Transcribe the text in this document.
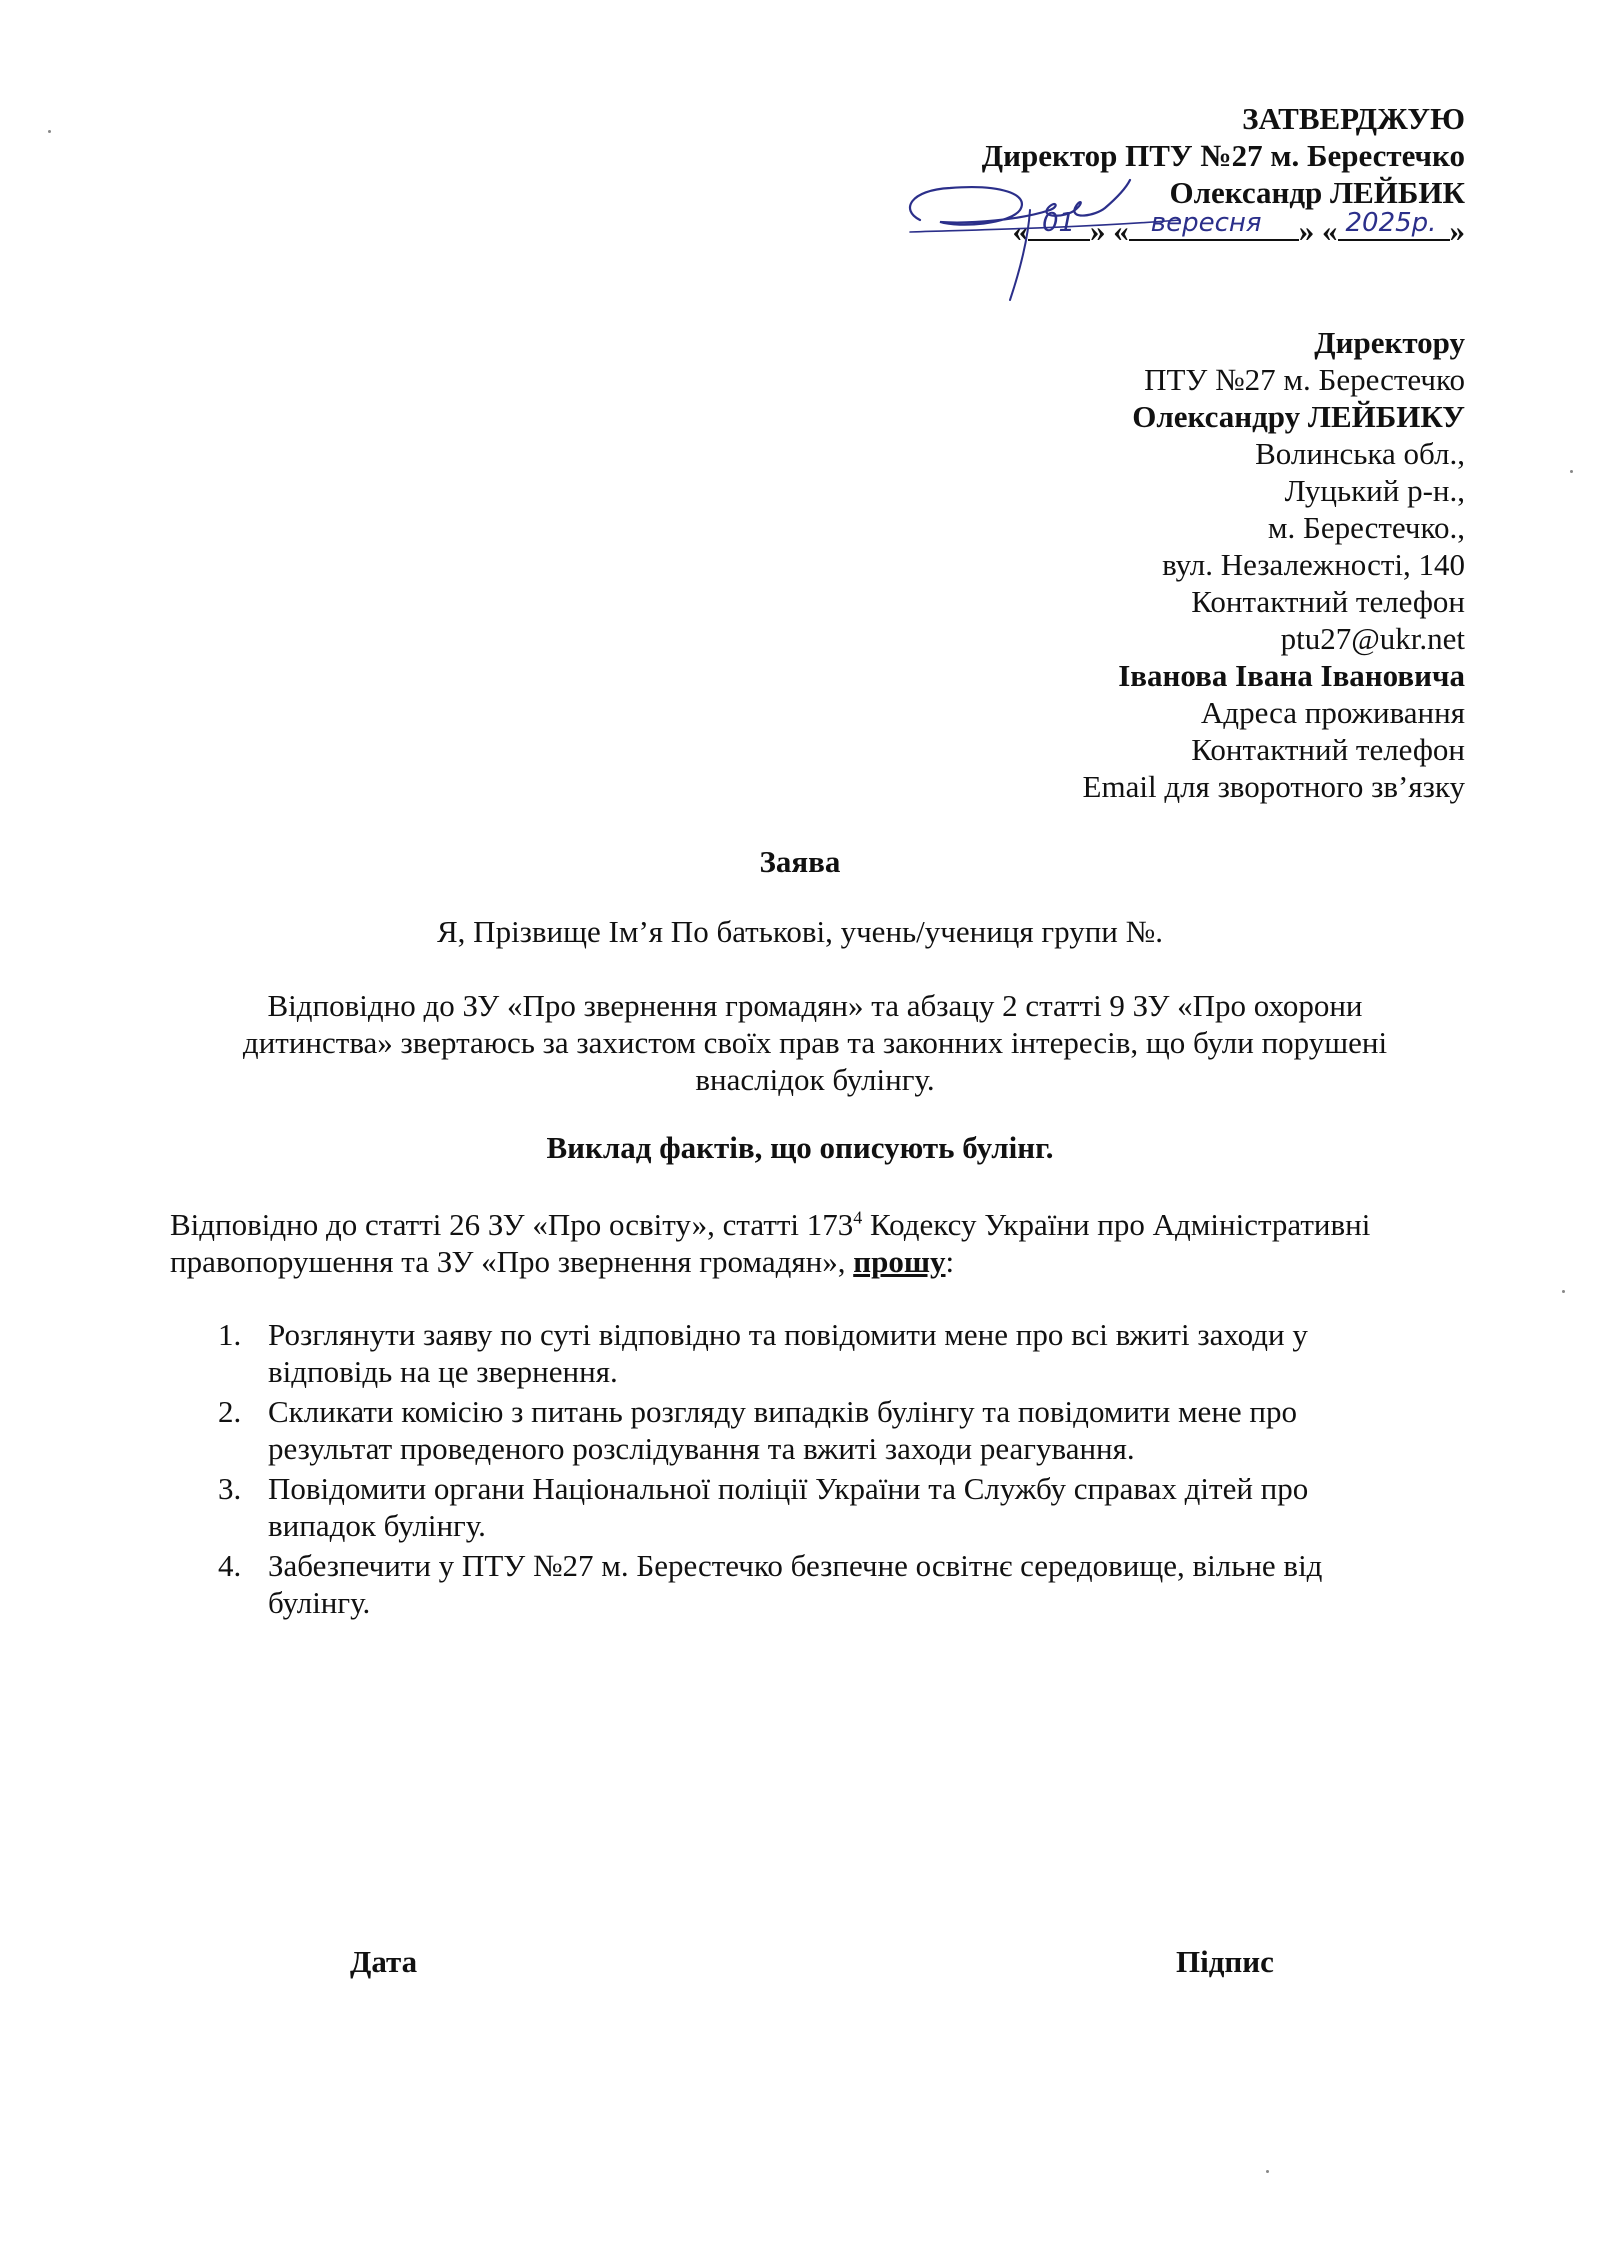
ЗАТВЕРДЖУЮ
Директор ПТУ №27 м. Берестечко
Олександр ЛЕЙБИК
« 01 » « вересня » « 2025р. »
Директору
ПТУ №27 м. Берестечко
Олександру ЛЕЙБИКУ
Волинська обл.,
Луцький р-н.,
м. Берестечко.,
вул. Незалежності, 140
Контактний телефон
ptu27@ukr.net
Іванова Івана Івановича
Адреса проживання
Контактний телефон
Email для зворотного зв’язку
Заява
Я, Прізвище Ім’я По батькові, учень/учениця групи №.
Відповідно до ЗУ «Про звернення громадян» та абзацу 2 статті 9 ЗУ «Про охорони дитинства» звертаюсь за захистом своїх прав та законних інтересів, що були порушені внаслідок булінгу.
Виклад фактів, що описують булінг.
Відповідно до статті 26 ЗУ «Про освіту», статті $173^4$ Кодексу України про Адміністративні правопорушення та ЗУ «Про звернення громадян», прошу:
1. Розглянути заяву по суті відповідно та повідомити мене про всі вжиті заходи у відповідь на це звернення.
2. Скликати комісію з питань розгляду випадків булінгу та повідомити мене про результат проведеного розслідування та вжиті заходи реагування.
3. Повідомити органи Національної поліції України та Службу справах дітей про випадок булінгу.
4. Забезпечити у ПТУ №27 м. Берестечко безпечне освітнє середовище, вільне від булінгу.
Дата	Підпис
